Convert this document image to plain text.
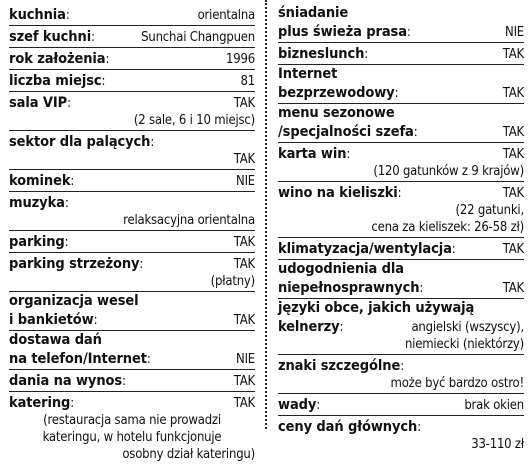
kuchnia:	orientalna
szef kuchni:	Sunchai Changpuen
rok założenia:	1996
liczba miejsc:	81
sala VIP:	TAK
(2 sale, 6 i 10 miejsc)
sektor dla palących:
TAK
kominek:	NIE
muzyka:
relaksacyjna orientalna
parking:	TAK
parking strzeżony:	TAK
(płatny)
organizacja wesel
i bankietów:	TAK
dostawa dań
na telefon/Internet:	NIE
dania na wynos:	TAK
katering:	TAK
(restauracja sama nie prowadzi
kateringu, w hotelu funkcjonuje
osobny dział kateringu)
śniadanie
plus świeża prasa:	NIE
bizneslunch:	TAK
Internet
bezprzewodowy:	TAK
menu sezonowe
/specjalności szefa:	TAK
karta win:	TAK
(120 gatunków z 9 krajów)
wino na kieliszki:	TAK
(22 gatunki,
cena za kieliszek: 26-58 zł)
klimatyzacja/wentylacja:	TAK
udogodnienia dla
niepełnosprawnych:	TAK
języki obce, jakich używają
kelnerzy:	angielski (wszyscy),
niemiecki (niektórzy)
znaki szczególne:
może być bardzo ostro!
wady:	brak okien
ceny dań głównych:
33-110 zł
